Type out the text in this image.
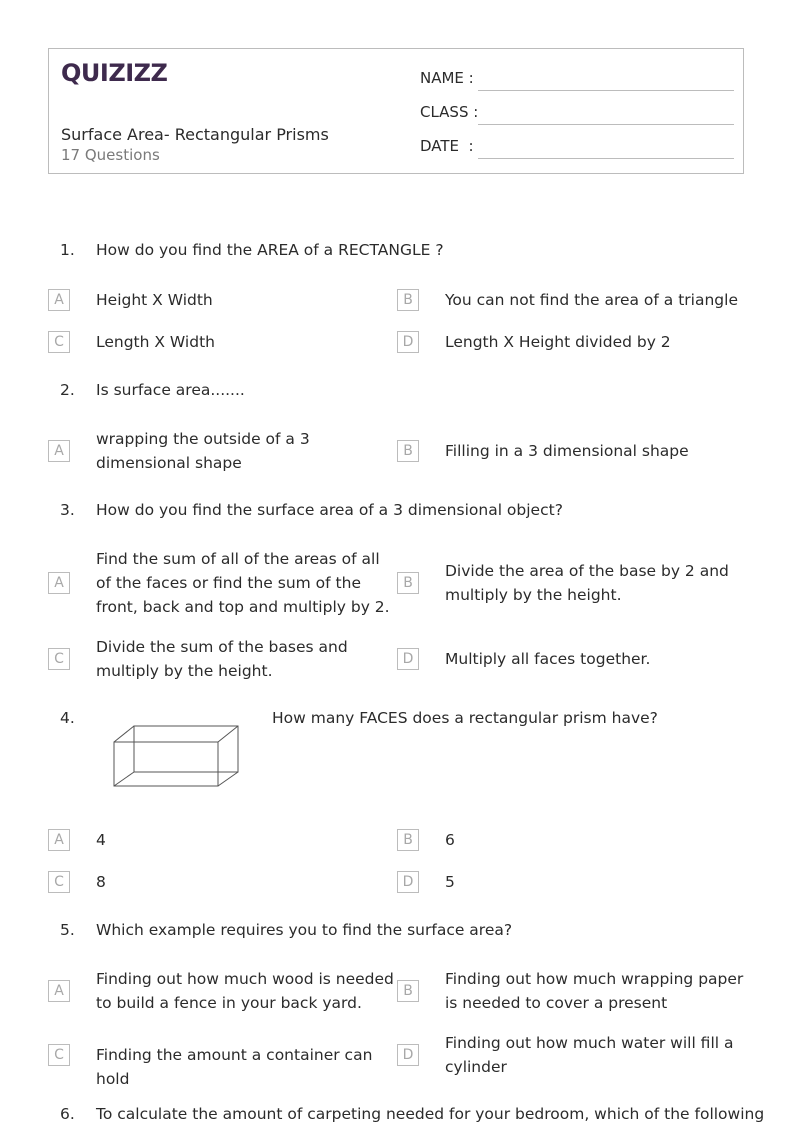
QUIZIZZ
Surface Area- Rectangular Prisms
17 Questions
NAME :
CLASS :
DATE  :
1. How do you find the AREA of a RECTANGLE ?
A	Height X Width	B	You can not find the area of a triangle
C	Length X Width	D	Length X Height divided by 2
2. Is surface area.......
A
wrapping the outside of a 3 dimensional shape
B	Filling in a 3 dimensional shape
3. How do you find the surface area of a 3 dimensional object?
A
Find the sum of all of the areas of all of the faces or find the sum of the front, back and top and multiply by 2.
B
Divide the area of the base by 2 and multiply by the height.
C
Divide the sum of the bases and multiply by the height.
D	Multiply all faces together.
4.	How many FACES does a rectangular prism have?
A	4	B	6
C	8	D	5
5. Which example requires you to find the surface area?
A
Finding out how much wood is needed to build a fence in your back yard.
B
Finding out how much wrapping paper is needed to cover a present
C	Finding the amount a container can hold
D
Finding out how much water will fill a cylinder
6. To calculate the amount of carpeting needed for your bedroom, which of the following
